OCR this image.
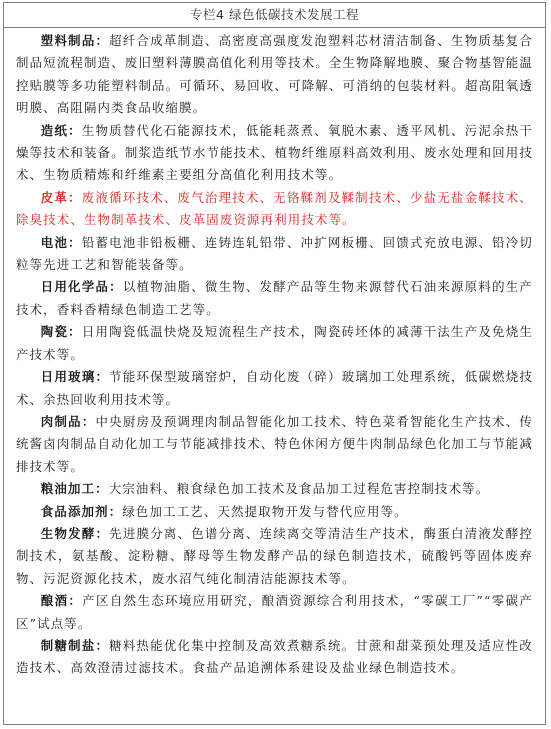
专栏4 绿色低碳技术发展工程

塑料制品：超纤合成革制造、高密度高强度发泡塑料芯材清洁制备、生物质基复合制品短流程制造、废旧塑料薄膜高值化利用等技术。全生物降解地膜、聚合物基智能温控贴膜等多功能塑料制品。可循环、易回收、可降解、可消纳的包装材料。超高阻氧透明膜、高阻隔内类食品收缩膜。

造纸：生物质替代化石能源技术，低能耗蒸煮、氧脱木素、透平风机、污泥余热干燥等技术和装备。制浆造纸节水节能技术、植物纤维原料高效利用、废水处理和回用技术、生物质精炼和纤维素主要组分高值化利用技术等。

皮革：废液循环技术、废气治理技术、无铬鞣剂及鞣制技术、少盐无盐金鞣技术、除臭技术、生物制革技术、皮革固废资源再利用技术等。

电池：铅蓄电池非铅板栅、连铸连轧铅带、冲扩网板栅、回馈式充放电源、铅冷切粒等先进工艺和智能装备等。

日用化学品：以植物油脂、微生物、发酵产品等生物来源替代石油来源原料的生产技术，香料香精绿色制造工艺等。

陶瓷：日用陶瓷低温快烧及短流程生产技术，陶瓷砖坯体的减薄干法生产及免烧生产技术等。

日用玻璃：节能环保型玻璃窑炉，自动化废（碎）玻璃加工处理系统，低碳燃烧技术、余热回收利用技术等。

肉制品：中央厨房及预调理肉制品智能化加工技术、特色菜肴智能化生产技术、传统酱卤肉制品自动化加工与节能减排技术、特色休闲方便牛肉制品绿色化加工与节能减排技术等。

粮油加工：大宗油料、粮食绿色加工技术及食品加工过程危害控制技术等。

食品添加剂：绿色加工工艺、天然提取物开发与替代应用等。

生物发酵：先进膜分离、色谱分离、连续离交等清洁生产技术，酶蛋白清液发酵控制技术，氨基酸、淀粉糖、酵母等生物发酵产品的绿色制造技术，硫酸钙等固体废弃物、污泥资源化技术，废水沼气纯化制清洁能源技术等。

酿酒：产区自然生态环境应用研究，酿酒资源综合利用技术，“零碳工厂”“零碳产区”试点等。

制糖制盐：糖料热能优化集中控制及高效煮糖系统。甘蔗和甜菜预处理及适应性改造技术、高效澄清过滤技术。食盐产品追溯体系建设及盐业绿色制造技术。
